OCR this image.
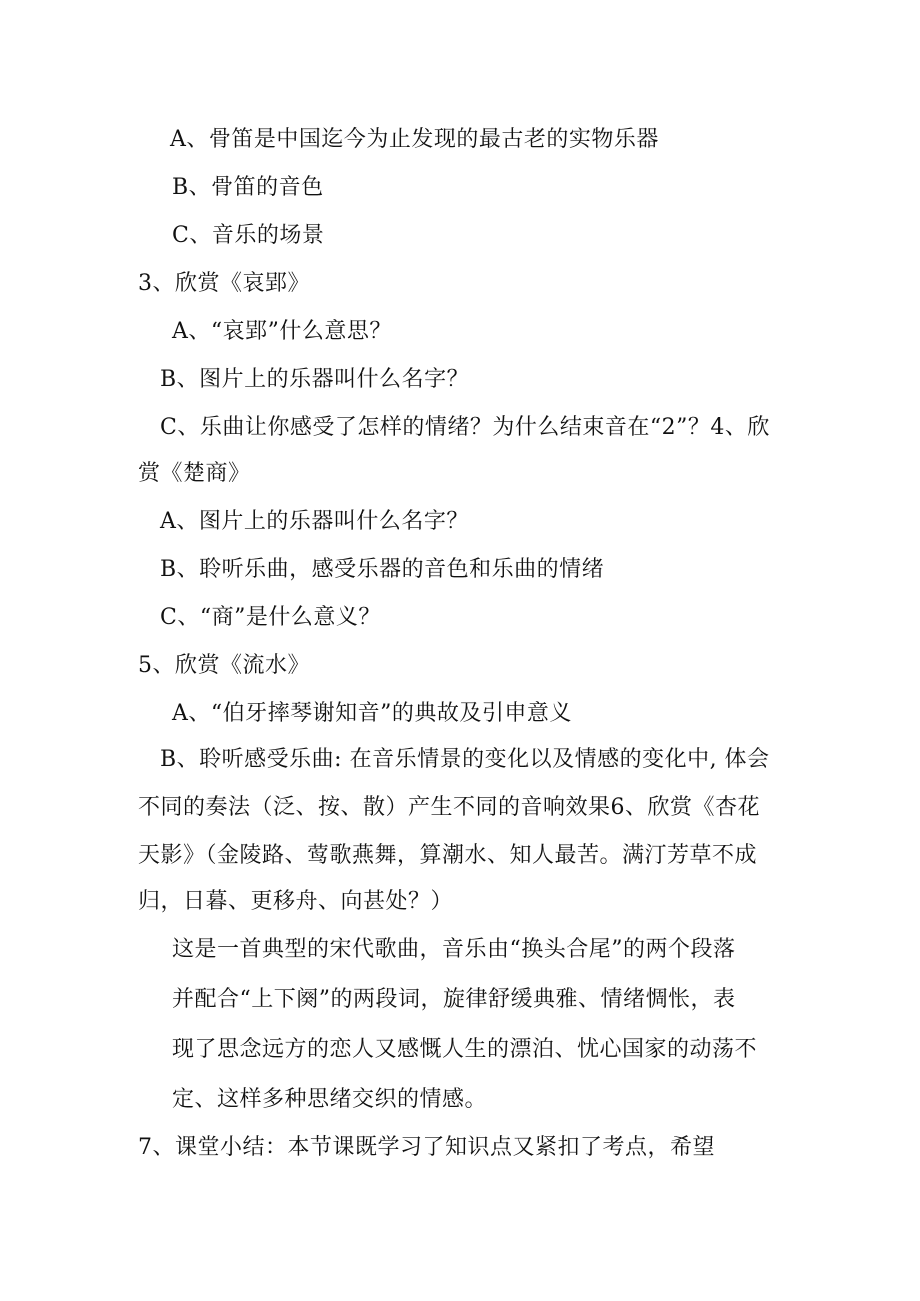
A、骨笛是中国迄今为止发现的最古老的实物乐器
B、骨笛的音色
C、音乐的场景
3、欣赏《哀郢》
A、“哀郢”什么意思？
B、图片上的乐器叫什么名字？
C、乐曲让你感受了怎样的情绪？为什么结束音在“2”？4、欣
赏《楚商》
A、图片上的乐器叫什么名字？
B、聆听乐曲，感受乐器的音色和乐曲的情绪
C、“商”是什么意义？
5、欣赏《流水》
A、“伯牙摔琴谢知音”的典故及引申意义
B、聆听感受乐曲: 在音乐情景的变化以及情感的变化中, 体会
不同的奏法（泛、按、散）产生不同的音响效果6、欣赏《杏花
天影》（金陵路、莺歌燕舞，算潮水、知人最苦。满汀芳草不成
归，日暮、更移舟、向甚处？）
这是一首典型的宋代歌曲，音乐由“换头合尾”的两个段落
并配合“上下阕”的两段词，旋律舒缓典雅、情绪惆怅，表
现了思念远方的恋人又感慨人生的漂泊、忧心国家的动荡不
定、这样多种思绪交织的情感。
7、课堂小结：本节课既学习了知识点又紧扣了考点，希望
